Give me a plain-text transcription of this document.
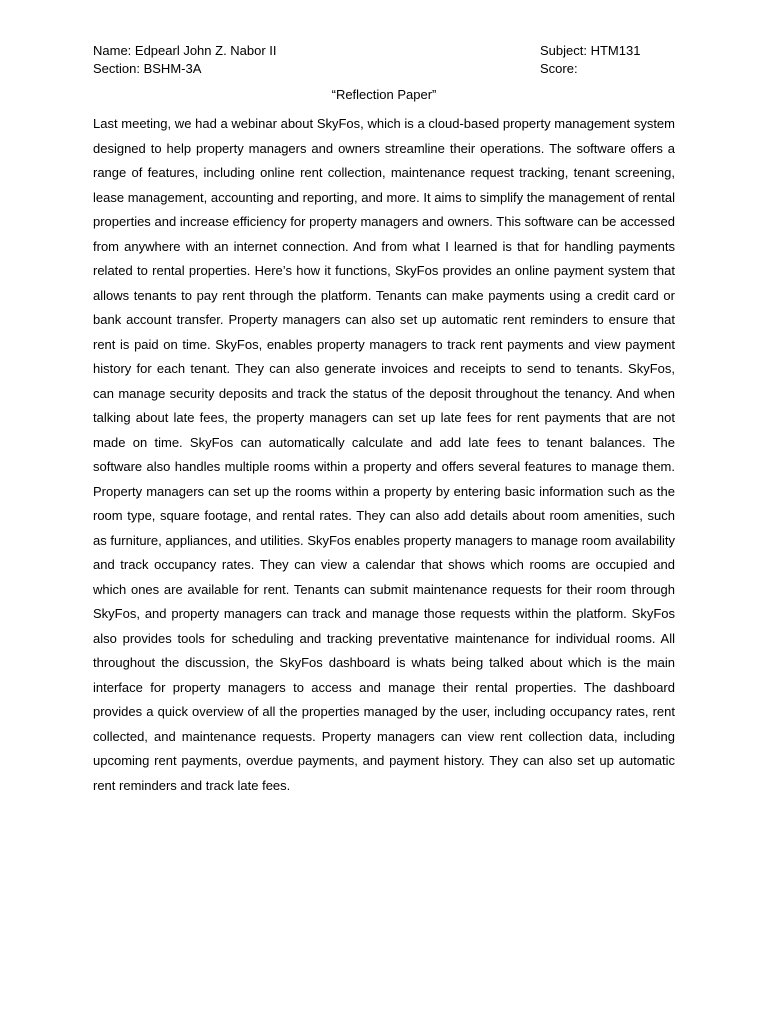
Name: Edpearl John Z. Nabor II
Section: BSHM-3A
Subject: HTM131
Score:
“Reflection Paper”

Last meeting, we had a webinar about SkyFos, which is a cloud-based property management system designed to help property managers and owners streamline their operations. The software offers a range of features, including online rent collection, maintenance request tracking, tenant screening, lease management, accounting and reporting, and more. It aims to simplify the management of rental properties and increase efficiency for property managers and owners. This software can be accessed from anywhere with an internet connection. And from what I learned is that for handling payments related to rental properties. Here’s how it functions, SkyFos provides an online payment system that allows tenants to pay rent through the platform. Tenants can make payments using a credit card or bank account transfer. Property managers can also set up automatic rent reminders to ensure that rent is paid on time. SkyFos, enables property managers to track rent payments and view payment history for each tenant. They can also generate invoices and receipts to send to tenants. SkyFos, can manage security deposits and track the status of the deposit throughout the tenancy. And when talking about late fees, the property managers can set up late fees for rent payments that are not made on time. SkyFos can automatically calculate and add late fees to tenant balances. The software also handles multiple rooms within a property and offers several features to manage them. Property managers can set up the rooms within a property by entering basic information such as the room type, square footage, and rental rates. They can also add details about room amenities, such as furniture, appliances, and utilities. SkyFos enables property managers to manage room availability and track occupancy rates. They can view a calendar that shows which rooms are occupied and which ones are available for rent. Tenants can submit maintenance requests for their room through SkyFos, and property managers can track and manage those requests within the platform. SkyFos also provides tools for scheduling and tracking preventative maintenance for individual rooms. All throughout the discussion, the SkyFos dashboard is whats being talked about which is the main interface for property managers to access and manage their rental properties. The dashboard provides a quick overview of all the properties managed by the user, including occupancy rates, rent collected, and maintenance requests. Property managers can view rent collection data, including upcoming rent payments, overdue payments, and payment history. They can also set up automatic rent reminders and track late fees.
